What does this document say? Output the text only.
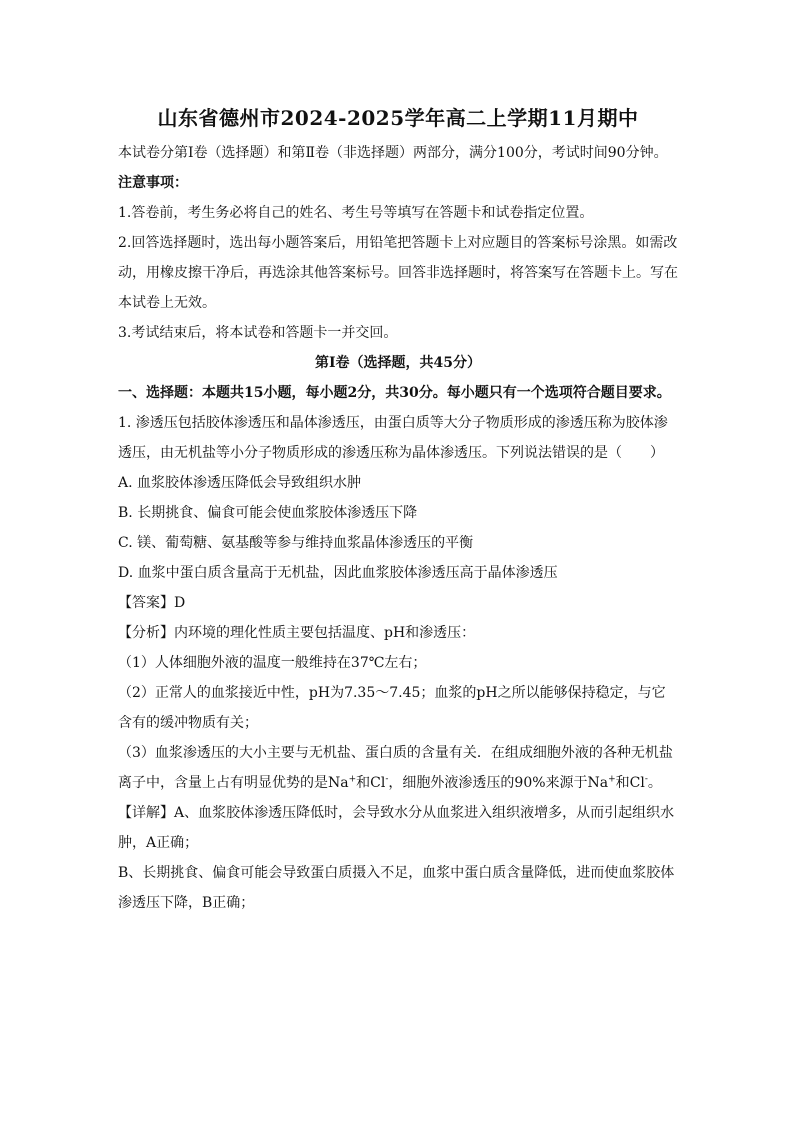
山东省德州市2024-2025学年高二上学期11月期中

本试卷分第Ⅰ卷（选择题）和第Ⅱ卷（非选择题）两部分，满分100分，考试时间90分钟。

注意事项：

1.答卷前，考生务必将自己的姓名、考生号等填写在答题卡和试卷指定位置。

2.回答选择题时，选出每小题答案后，用铅笔把答题卡上对应题目的答案标号涂黑。如需改动，用橡皮擦干净后，再选涂其他答案标号。回答非选择题时，将答案写在答题卡上。写在本试卷上无效。

3.考试结束后，将本试卷和答题卡一并交回。

第Ⅰ卷（选择题，共45分）

一、选择题：本题共15小题，每小题2分，共30分。每小题只有一个选项符合题目要求。

1. 渗透压包括胶体渗透压和晶体渗透压，由蛋白质等大分子物质形成的渗透压称为胶体渗透压，由无机盐等小分子物质形成的渗透压称为晶体渗透压。下列说法错误的是（　　）

A. 血浆胶体渗透压降低会导致组织水肿

B. 长期挑食、偏食可能会使血浆胶体渗透压下降

C. 镁、葡萄糖、氨基酸等参与维持血浆晶体渗透压的平衡

D. 血浆中蛋白质含量高于无机盐，因此血浆胶体渗透压高于晶体渗透压

【答案】D

【分析】内环境的理化性质主要包括温度、pH和渗透压：

（1）人体细胞外液的温度一般维持在37℃左右；

（2）正常人的血浆接近中性，pH为7.35～7.45；血浆的pH之所以能够保持稳定，与它含有的缓冲物质有关；

（3）血浆渗透压的大小主要与无机盐、蛋白质的含量有关．在组成细胞外液的各种无机盐离子中，含量上占有明显优势的是Na+和Cl-，细胞外液渗透压的90%来源于Na+和Cl-。

【详解】A、血浆胶体渗透压降低时，会导致水分从血浆进入组织液增多，从而引起组织水肿，A正确；

B、长期挑食、偏食可能会导致蛋白质摄入不足，血浆中蛋白质含量降低，进而使血浆胶体渗透压下降，B正确；
